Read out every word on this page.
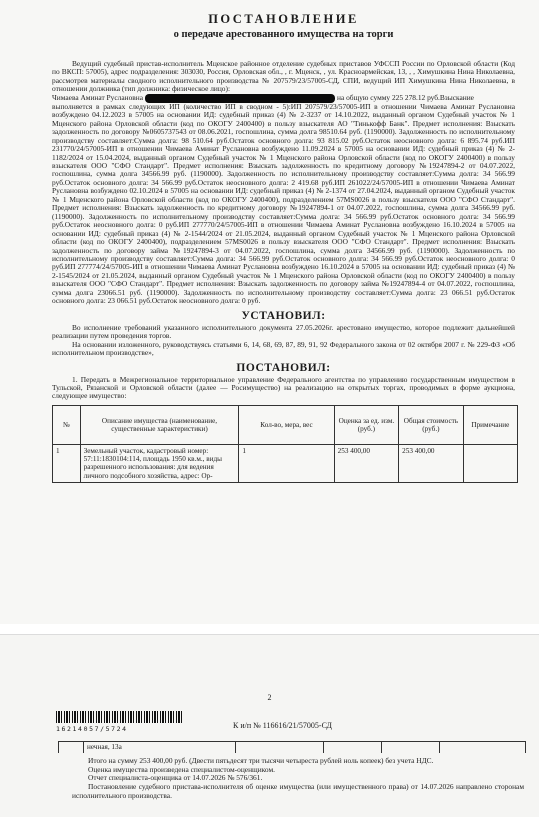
ПОСТАНОВЛЕНИЕ
о передаче арестованного имущества на торги

Ведущий судебный пристав-исполнитель Мценское районное отделение судебных приставов УФССП России по Орловской области (Код по ВКСП: 57005), адрес подразделения: 303030, Россия, Орловская обл., , г. Мценск, , ул. Красноармейская, 13, , , Химушкина Нина Николаевна, рассмотрев материалы сводного исполнительного производства № 207579/23/57005-СД, СПИ, ведущий ИП Химушкина Нина Николаевна, в отношении должника (тип должника: физическое лицо):

Чимаева Аминат Руслановна	на общую сумму 225 278.12 руб.Взыскание

выполняется в рамках следующих ИП (количество ИП в сводном - 5):ИП 207579/23/57005-ИП в отношении Чимаева Аминат Руслановна возбуждено 04.12.2023 в 57005 на основании ИД: судебный приказ (4) № 2-3237 от 14.10.2022, выданный органом Судебный участок № 1 Мценского района Орловской области (код по ОКОГУ 2400400) в пользу взыскателя АО "Тинькофф Банк". Предмет исполнения: Взыскать задолженность по договору №0605737543 от 08.06.2021, госпошлина, сумма долга 98510.64 руб. (1190000). Задолженность по исполнительному производству составляет:Сумма долга: 98 510.64 руб.Остаток основного долга: 93 815.02 руб.Остаток неосновного долга: 6 895.74 руб.ИП 231770/24/57005-ИП в отношении Чимаева Аминат Руслановна возбуждено 11.09.2024 в 57005 на основании ИД: судебный приказ (4) № 2-1182/2024 от 15.04.2024, выданный органом Судебный участок № 1 Мценского района Орловской области (код по ОКОГУ 2400400) в пользу взыскателя ООО "СФО Стандарт". Предмет исполнения: Взыскать задолженность по кредитному договору №19247894-2 от 04.07.2022, госпошлина, сумма долга 34566.99 руб. (1190000). Задолженность по исполнительному производству составляет:Сумма долга: 34 566.99 руб.Остаток основного долга: 34 566.99 руб.Остаток неосновного долга: 2 419.68 руб.ИП 261022/24/57005-ИП в отношении Чимаева Аминат Руслановна возбуждено 02.10.2024 в 57005 на основании ИД: судебный приказ (4) № 2-1374 от 27.04.2024, выданный органом Судебный участок № 1 Мценского района Орловской области (код по ОКОГУ 2400400), подразделением 57MS0026 в пользу взыскателя ООО "СФО Стандарт". Предмет исполнения: Взыскать задолженность по кредитному договору №19247894-1 от 04.07.2022, госпошлина, сумма долга 34566.99 руб. (1190000). Задолженность по исполнительному производству составляет:Сумма долга: 34 566.99 руб.Остаток основного долга: 34 566.99 руб.Остаток неосновного долга: 0 руб.ИП 277770/24/57005-ИП в отношении Чимаева Аминат Руслановна возбуждено 16.10.2024 в 57005 на основании ИД: судебный приказ (4) № 2-1544/2024 от 21.05.2024, выданный органом Судебный участок № 1 Мценского района Орловской области (код по ОКОГУ 2400400), подразделением 57MS0026 в пользу взыскателя ООО "СФО Стандарт". Предмет исполнения: Взыскать задолженность по договору займа №19247894-3 от 04.07.2022, госпошлина, сумма долга 34566.99 руб. (1190000). Задолженность по исполнительному производству составляет:Сумма долга: 34 566.99 руб.Остаток основного долга: 34 566.99 руб.Остаток неосновного долга: 0 руб.ИП 277774/24/57005-ИП в отношении Чимаева Аминат Руслановна возбуждено 16.10.2024 в 57005 на основании ИД: судебный приказ (4) № 2-1545/2024 от 21.05.2024, выданный органом Судебный участок № 1 Мценского района Орловской области (код по ОКОГУ 2400400) в пользу взыскателя ООО "СФО Стандарт". Предмет исполнения: Взыскать задолженность по договору займа №19247894-4 от 04.07.2022, госпошлина, сумма долга 23066.51 руб. (1190000). Задолженность по исполнительному производству составляет:Сумма долга: 23 066.51 руб.Остаток основного долга: 23 066.51 руб.Остаток неосновного долга: 0 руб.

УСТАНОВИЛ:

Во исполнение требований указанного исполнительного документа 27.05.2026г. арестовано имущество, которое подлежит дальнейшей реализации путем проведения торгов.

На основании изложенного, руководствуясь статьями 6, 14, 68, 69, 87, 89, 91, 92 Федерального закона от 02 октября 2007 г. № 229-ФЗ «Об исполнительном производстве»,

ПОСТАНОВИЛ:

1. Передать в Межрегиональное территориальное управление Федерального агентства по управлению государственным имуществом в Тульской, Рязанской и Орловской области (далее — Росимущество) на реализацию на открытых торгах, проводимых в форме аукциона, следующее имущество:

№	Описание имущества (наименование, существенные характеристики)	Кол-во, мера, вес	Оценка за ед. изм. (руб.)	Общая стоимость (руб.)	Примечание
1	Земельный участок, кадастровый номер: 57:11:1830104:114, площадь 1950 кв.м., виды разрешенного использования: для ведения личного подсобного хозяйства, адрес: Ор-	1	253 400,00	253 400,00	
2
16214057/5724	К и/п № 116616/21/57005-СД
нечная, 13а

Итого на сумму 253 400,00 руб. (Двести пятьдесят три тысячи четыреста рублей ноль копеек) без учета НДС.

Оценка имущества произведена специалистом-оценщиком.

Отчет специалиста-оценщика от 14.07.2026 № 576/361.

Постановление судебного пристава-исполнителя об оценке имущества (или имущественного права) от 14.07.2026 направлено сторонам исполнительного производства.
